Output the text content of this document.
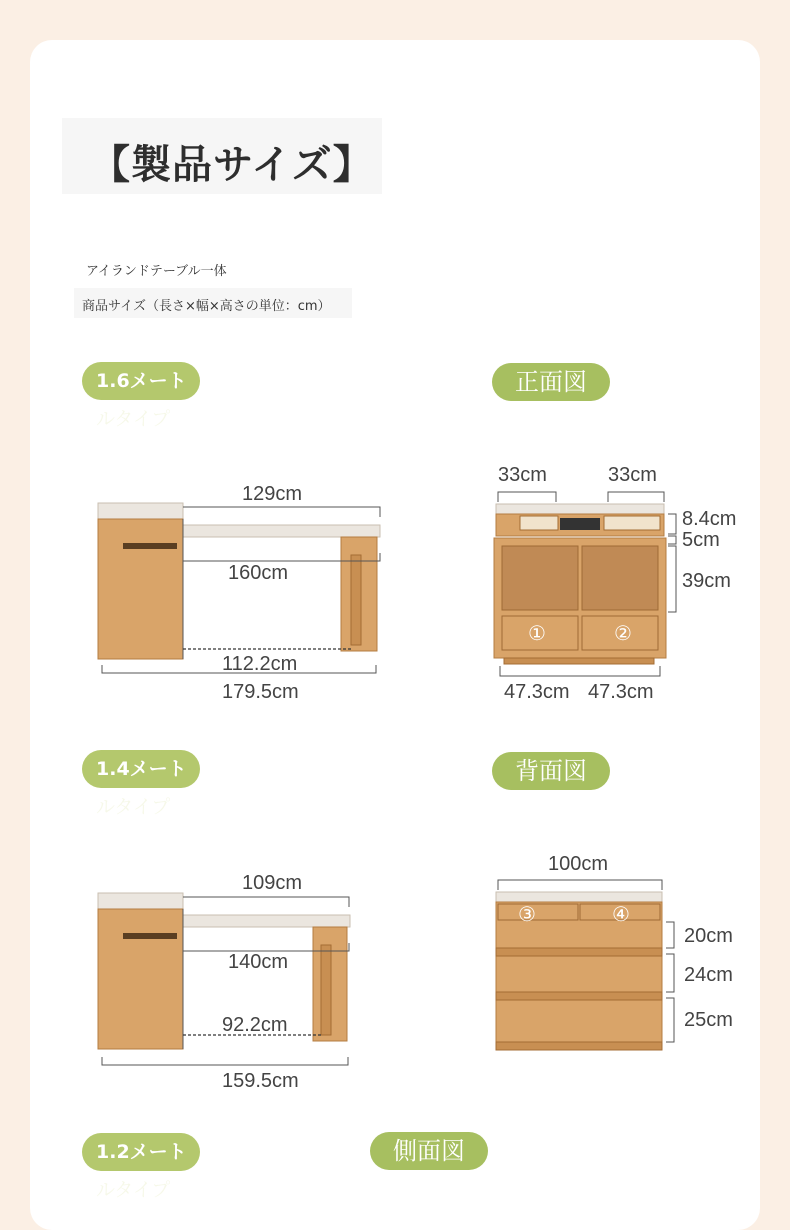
【製品サイズ】
アイランドテーブル一体
商品サイズ（長さ×幅×高さの単位：cm）
1.6メートルタイプ
1.4メートルタイプ
1.2メートルタイプ
正面図
背面図
側面図
129cm
160cm
112.2cm
179.5cm
109cm
140cm
92.2cm
159.5cm
33cm	33cm
8.4cm
5cm
39cm
47.3cm 47.3cm
①	②
100cm
20cm
24cm
25cm
③	④
